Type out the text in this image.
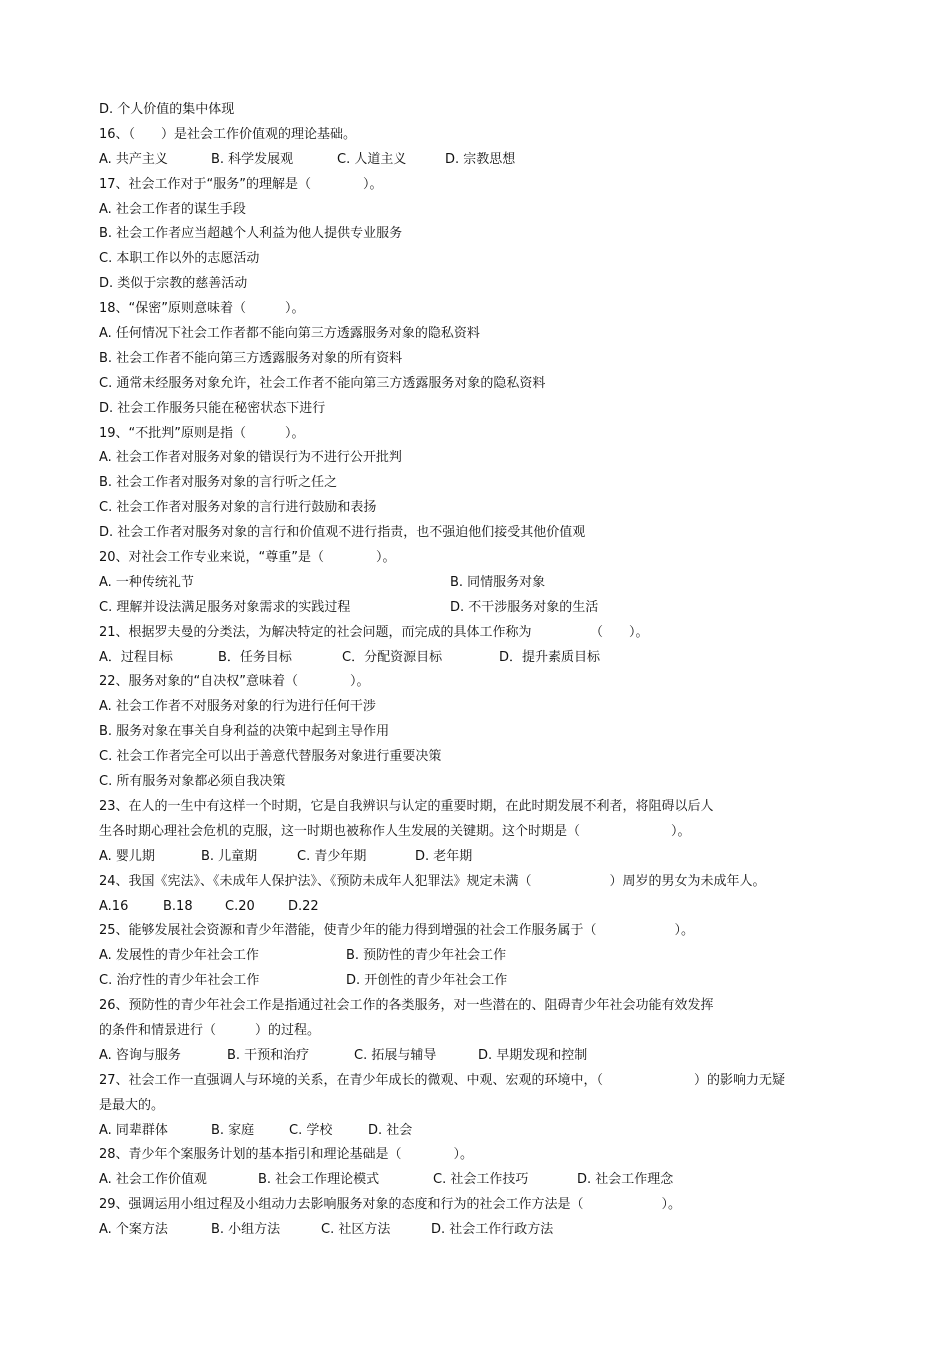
D. 个人价值的集中体现
16、（　　）是社会工作价值观的理论基础。

A. 共产主义

	B. 科学发展观

	C. 人道主义

	D. 宗教思想

17、社会工作对于“服务”的理解是（　　　　）。
A. 社会工作者的谋生手段
B. 社会工作者应当超越个人利益为他人提供专业服务
C. 本职工作以外的志愿活动
D. 类似于宗教的慈善活动
18、“保密”原则意味着（　　　）。
A. 任何情况下社会工作者都不能向第三方透露服务对象的隐私资料
B. 社会工作者不能向第三方透露服务对象的所有资料
C. 通常未经服务对象允许，社会工作者不能向第三方透露服务对象的隐私资料
D. 社会工作服务只能在秘密状态下进行
19、“不批判”原则是指（　　　）。
A. 社会工作者对服务对象的错误行为不进行公开批判
B. 社会工作者对服务对象的言行听之任之
C. 社会工作者对服务对象的言行进行鼓励和表扬
D. 社会工作者对服务对象的言行和价值观不进行指责，也不强迫他们接受其他价值观
20、对社会工作专业来说，“尊重”是（　　　　）。

A. 一种传统礼节

	B. 同情服务对象

C. 理解并设法满足服务对象需求的实践过程

	D. 不干涉服务对象的生活

21、根据罗夫曼的分类法，为解决特定的社会问题，而完成的具体工作称为　　　　　（　　）。

A．过程目标

	B．任务目标

	C．分配资源目标

	D．提升素质目标

22、服务对象的“自决权”意味着（　　　　）。
A. 社会工作者不对服务对象的行为进行任何干涉
B. 服务对象在事关自身利益的决策中起到主导作用
C. 社会工作者完全可以出于善意代替服务对象进行重要决策
C. 所有服务对象都必须自我决策
23、在人的一生中有这样一个时期，它是自我辨识与认定的重要时期，在此时期发展不利者，将阻碍以后人
生各时期心理社会危机的克服，这一时期也被称作人生发展的关键期。这个时期是（　　　　　　　）。

A. 婴儿期

	B. 儿童期

	C. 青少年期

	D. 老年期

24、我国《宪法》、《未成年人保护法》、《预防未成年人犯罪法》规定未满（　　　　　　）周岁的男女为未成年人。

A.16

	B.18

C.20

	D.22

25、能够发展社会资源和青少年潜能，使青少年的能力得到增强的社会工作服务属于（　　　　　　）。

A. 发展性的青少年社会工作

	B. 预防性的青少年社会工作

C. 治疗性的青少年社会工作

	D. 开创性的青少年社会工作

26、预防性的青少年社会工作是指通过社会工作的各类服务，对一些潜在的、阻碍青少年社会功能有效发挥
的条件和情景进行（　　　）的过程。

A. 咨询与服务

	B. 干预和治疗

	C. 拓展与辅导

	D. 早期发现和控制

27、社会工作一直强调人与环境的关系，在青少年成长的微观、中观、宏观的环境中，（　　　　　　　）的影响力无疑
是最大的。

A. 同辈群体

	B. 家庭

	C. 学校

	D. 社会

28、青少年个案服务计划的基本指引和理论基础是（　　　　）。

A. 社会工作价值观

	B. 社会工作理论模式

	C. 社会工作技巧

	D. 社会工作理念

29、强调运用小组过程及小组动力去影响服务对象的态度和行为的社会工作方法是（　　　　　　）。

A. 个案方法

	B. 小组方法

	C. 社区方法

	D. 社会工作行政方法
